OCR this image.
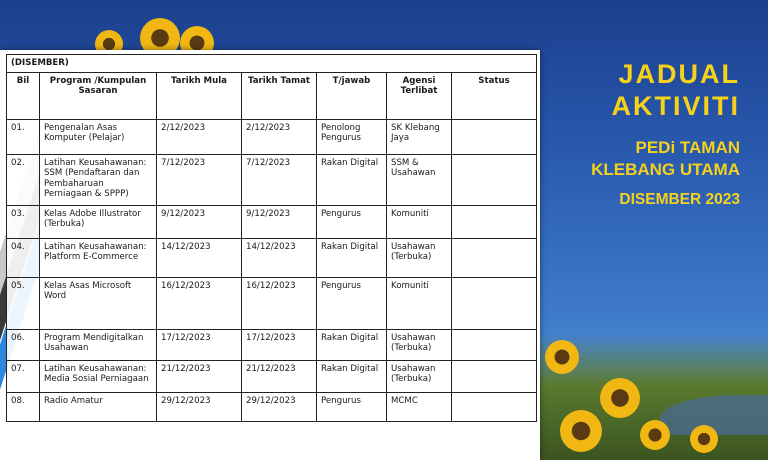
(DISEMBER)						
Bil	Program /Kumpulan Sasaran	Tarikh Mula	Tarikh Tamat	T/jawab	Agensi Terlibat	Status
01.	Pengenalan Asas Komputer (Pelajar)	2/12/2023	2/12/2023	Penolong Pengurus	SK Klebang Jaya	
02.	Latihan Keusahawanan: SSM (Pendaftaran dan Pembaharuan Perniagaan & SPPP)	7/12/2023	7/12/2023	Rakan Digital	SSM & Usahawan	
03.	Kelas Adobe Illustrator (Terbuka)	9/12/2023	9/12/2023	Pengurus	Komuniti	
04.	Latihan Keusahawanan: Platform E-Commerce	14/12/2023	14/12/2023	Rakan Digital	Usahawan (Terbuka)	
05.	Kelas Asas Microsoft Word	16/12/2023	16/12/2023	Pengurus	Komuniti	
06.	Program Mendigitalkan Usahawan	17/12/2023	17/12/2023	Rakan Digital	Usahawan (Terbuka)	
07.	Latihan Keusahawanan: Media Sosial Perniagaan	21/12/2023	21/12/2023	Rakan Digital	Usahawan (Terbuka)	
08.	Radio Amatur	29/12/2023	29/12/2023	Pengurus	MCMC	
JADUAL
AKTIVITI
PEDi TAMAN
KLEBANG UTAMA
DISEMBER 2023
